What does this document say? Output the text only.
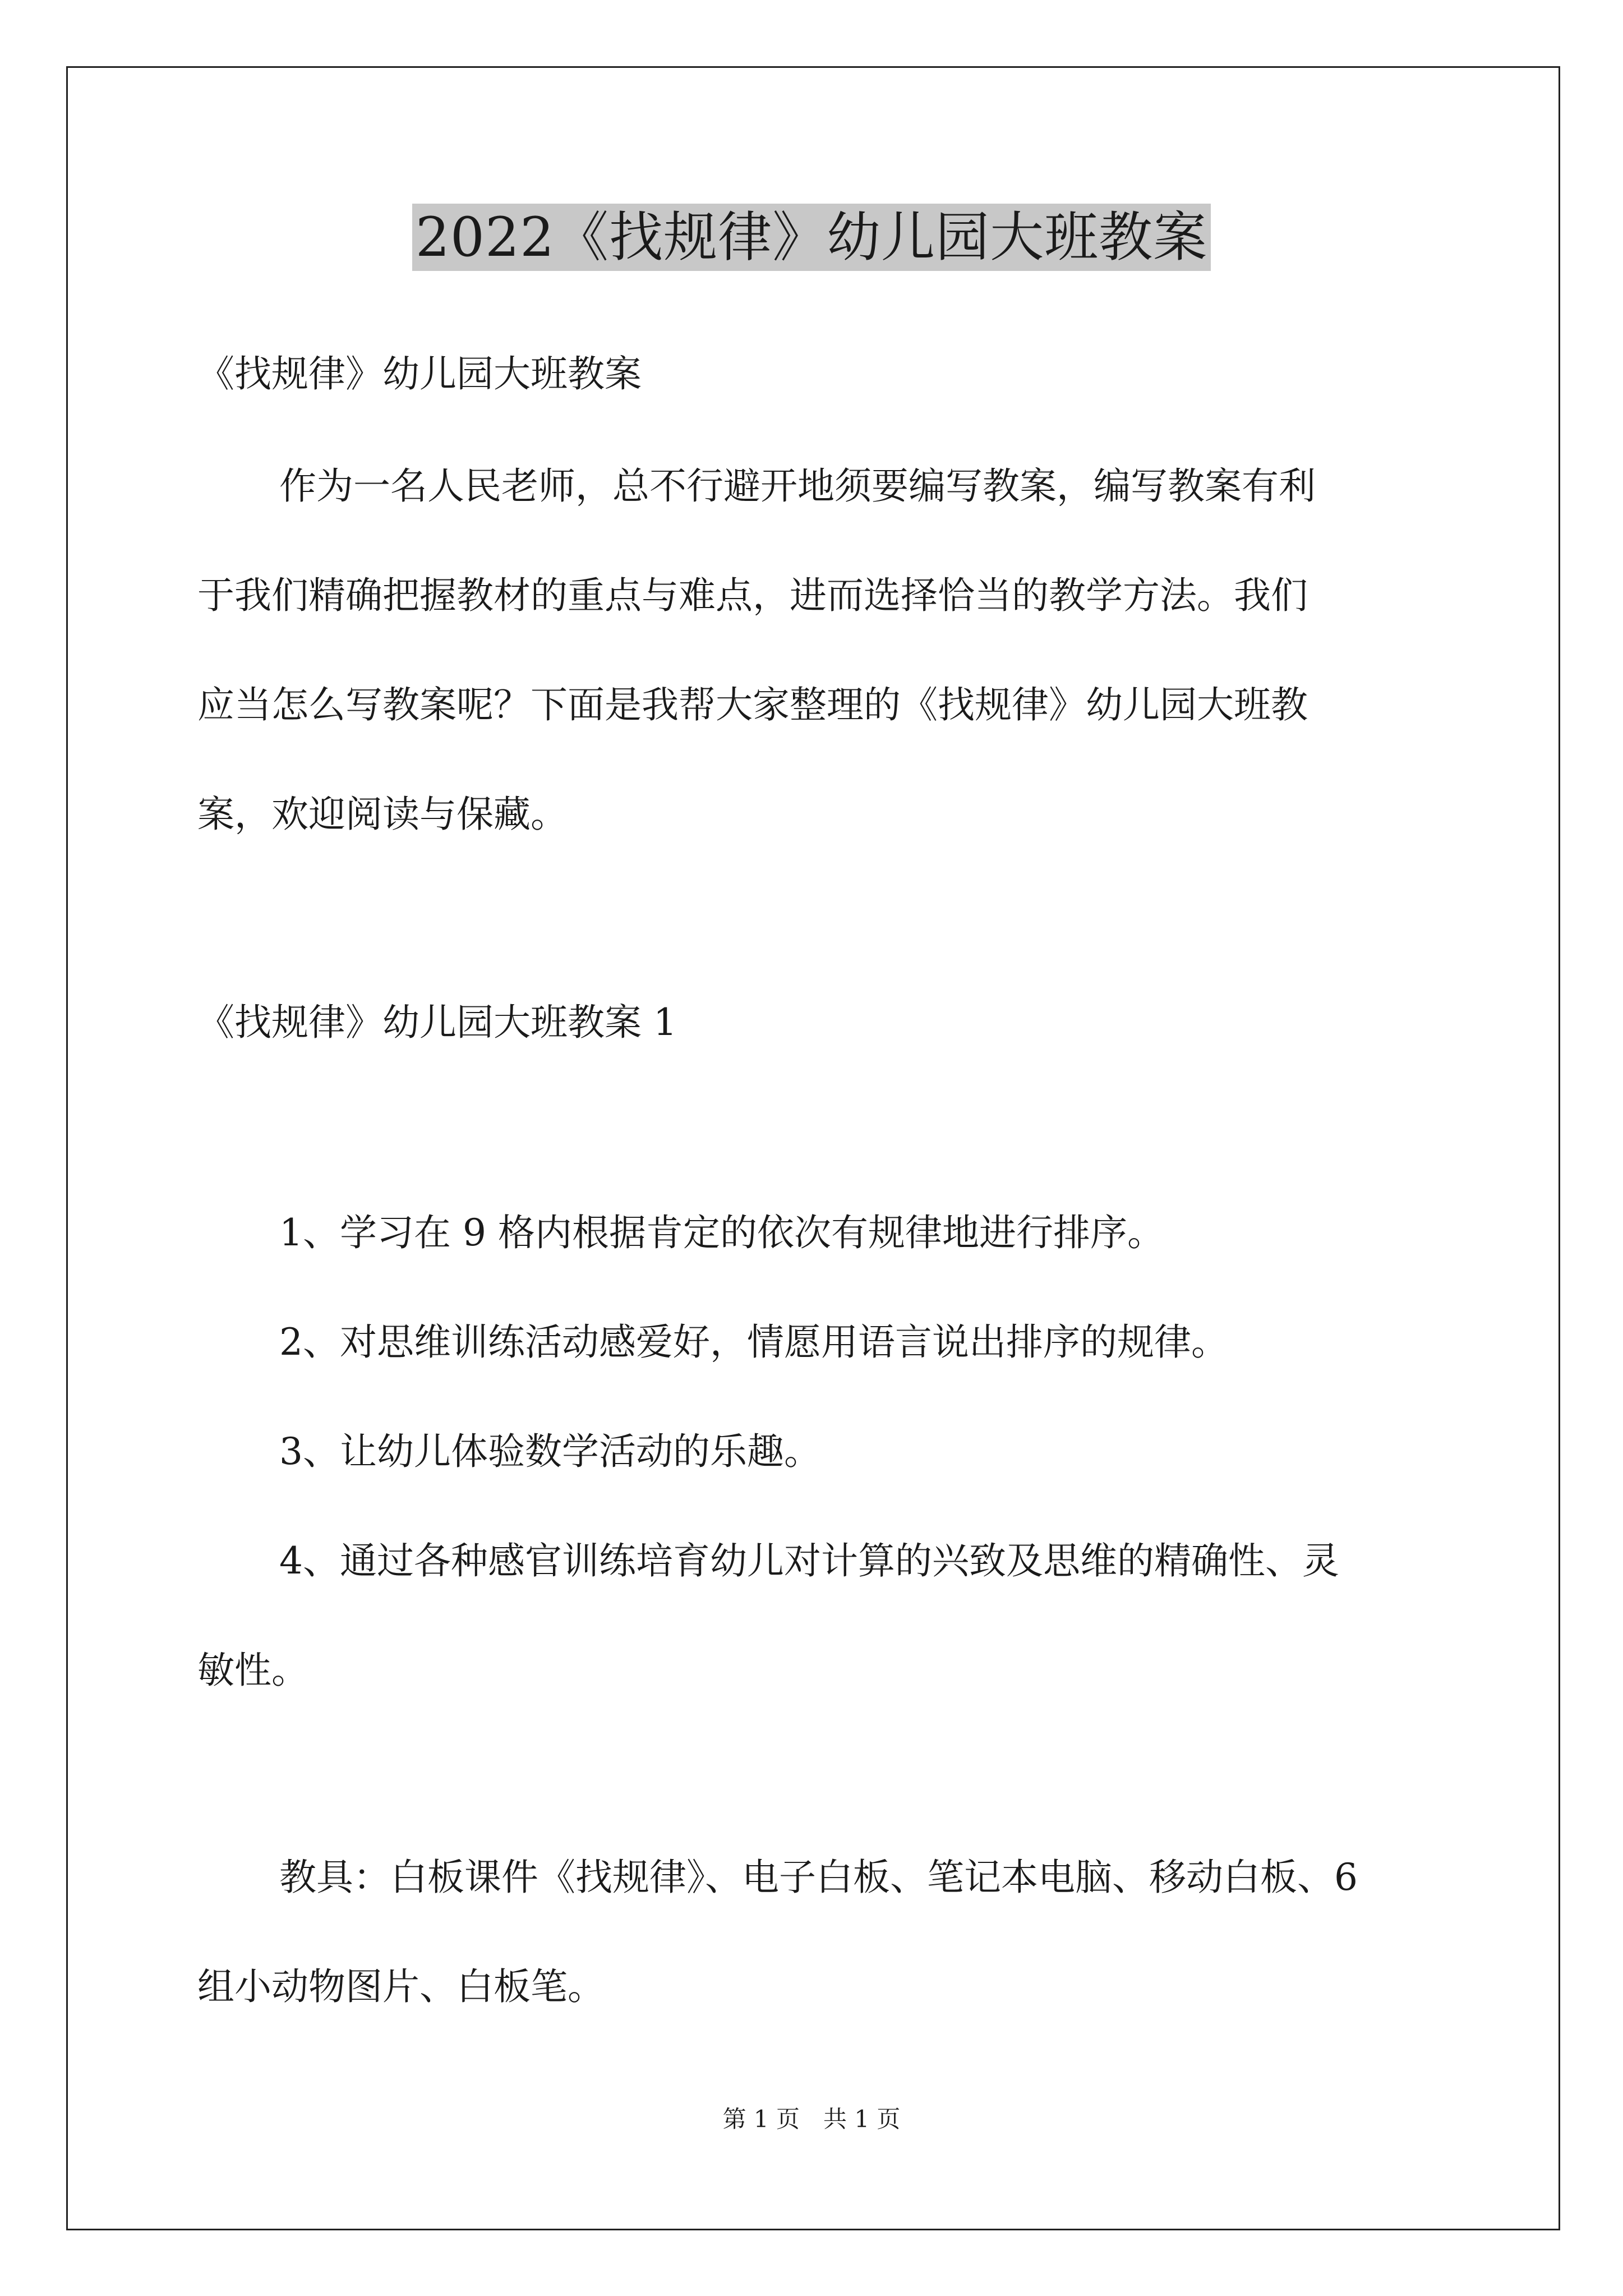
2022《找规律》幼儿园大班教案
《找规律》幼儿园大班教案
作为一名人民老师，总不行避开地须要编写教案，编写教案有利
于我们精确把握教材的重点与难点，进而选择恰当的教学方法。我们
应当怎么写教案呢？下面是我帮大家整理的《找规律》幼儿园大班教
案，欢迎阅读与保藏。
《找规律》幼儿园大班教案 1
1、学习在 9 格内根据肯定的依次有规律地进行排序。
2、对思维训练活动感爱好，情愿用语言说出排序的规律。
3、让幼儿体验数学活动的乐趣。
4、通过各种感官训练培育幼儿对计算的兴致及思维的精确性、灵
敏性。
教具：白板课件《找规律》、电子白板、笔记本电脑、移动白板、6
组小动物图片、白板笔。
第 1 页　共 1 页
